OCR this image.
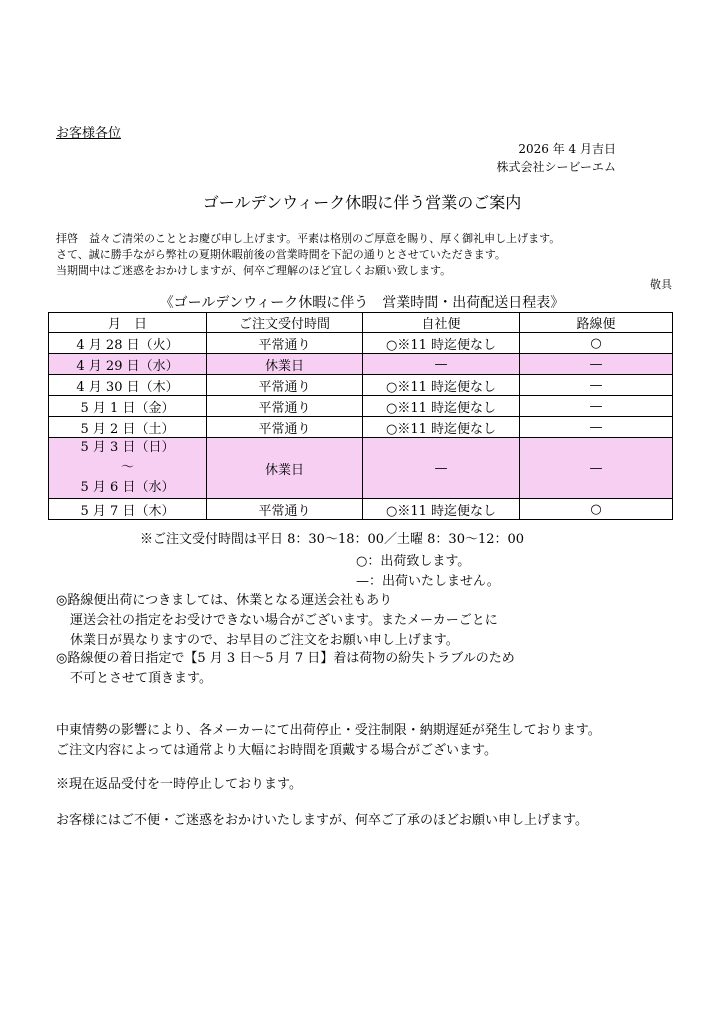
お客様各位
2026 年 4 月吉日
株式会社シービーエム
ゴールデンウィーク休暇に伴う営業のご案内
拝啓　益々ご清栄のこととお慶び申し上げます。平素は格別のご厚意を賜り、厚く御礼申し上げます。
さて、誠に勝手ながら弊社の夏期休暇前後の営業時間を下記の通りとさせていただきます。
当期間中はご迷惑をおかけしますが、何卒ご理解のほど宜しくお願い致します。
敬具
《ゴールデンウィーク休暇に伴う　営業時間・出荷配送日程表》
月　日	ご注文受付時間	自社便	路線便
4 月 28 日（火）	平常通り	○※11 時迄便なし	○
4 月 29 日（水）	休業日	—	—
4 月 30 日（木）	平常通り	○※11 時迄便なし	—
5 月 1 日（金）	平常通り	○※11 時迄便なし	—
5 月 2 日（土）	平常通り	○※11 時迄便なし	—

5 月 3 日（日）
～
5 月 6 日（水）	休業日	—	—
5 月 7 日（木）	平常通り	○※11 時迄便なし	○
※ご注文受付時間は平日 8：30～18：00／土曜 8：30～12：00
○：出荷致します。
—：出荷いたしません。
◎路線便出荷につきましては、休業となる運送会社もあり
運送会社の指定をお受けできない場合がございます。またメーカーごとに
休業日が異なりますので、お早目のご注文をお願い申し上げます。
◎路線便の着日指定で【5 月 3 日～5 月 7 日】着は荷物の紛失トラブルのため
不可とさせて頂きます。
中東情勢の影響により、各メーカーにて出荷停止・受注制限・納期遅延が発生しております。
ご注文内容によっては通常より大幅にお時間を頂戴する場合がございます。
※現在返品受付を一時停止しております。
お客様にはご不便・ご迷惑をおかけいたしますが、何卒ご了承のほどお願い申し上げます。
